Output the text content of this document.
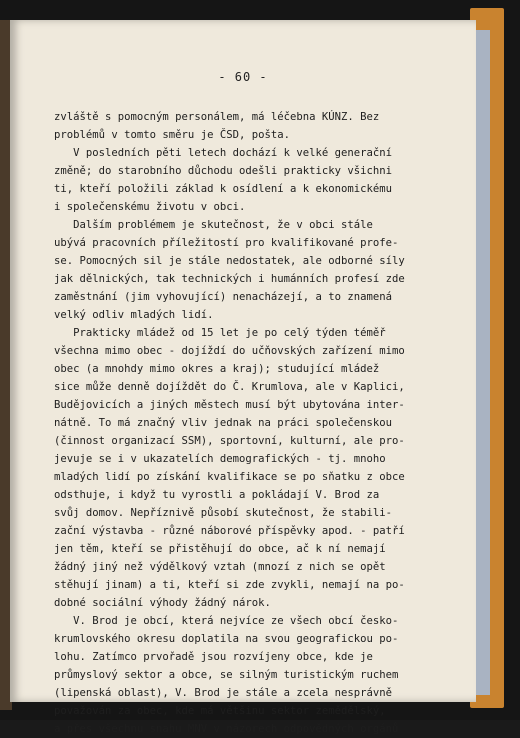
- 60 -
zvláště s pomocným personálem, má léčebna KÚNZ. Bez
problémů v tomto směru je ČSD, pošta.
V posledních pěti letech dochází k velké generační
změně; do starobního důchodu odešli prakticky všichni
ti, kteří položili základ k osídlení a k ekonomickému
i společenskému životu v obci.
Dalším problémem je skutečnost, že v obci stále
ubývá pracovních příležitostí pro kvalifikované profe-
se. Pomocných sil je stále nedostatek, ale odborné síly
jak dělnických, tak technických i humánních profesí zde
zaměstnání (jim vyhovující) nenacházejí, a to znamená
velký odliv mladých lidí.
Prakticky mládež od 15 let je po celý týden téměř
všechna mimo obec - dojíždí do učňovských zařízení mimo
obec (a mnohdy mimo okres a kraj); studující mládež
sice může denně dojíždět do Č. Krumlova, ale v Kaplici,
Budějovicích a jiných městech musí být ubytována inter-
nátně. To má značný vliv jednak na práci společenskou
(činnost organizací SSM), sportovní, kulturní, ale pro-
jevuje se i v ukazatelích demografických - tj. mnoho
mladých lidí po získání kvalifikace se po sňatku z obce
odsthuje, i když tu vyrostli a pokládají V. Brod za
svůj domov. Nepříznivě působí skutečnost, že stabili-
zační výstavba - různé náborové příspěvky apod. - patří
jen těm, kteří se přistěhují do obce, ač k ní nemají
žádný jiný než výdělkový vztah (mnozí z nich se opět
stěhují jinam) a ti, kteří si zde zvykli, nemají na po-
dobné sociální výhody žádný nárok.
V. Brod je obcí, která nejvíce ze všech obcí česko-
krumlovského okresu doplatila na svou geografickou po-
lohu. Zatímco prvořadě jsou rozvíjeny obce, kde je
průmyslový sektor a obce, se silným turistickým ruchem
(lipenská oblast), V. Brod je stále a zcela nesprávně
považován za obec, kde má většinu sektor zemědělský,
a přes všechnu snahu MNV v názorech odpovědných orgánů
